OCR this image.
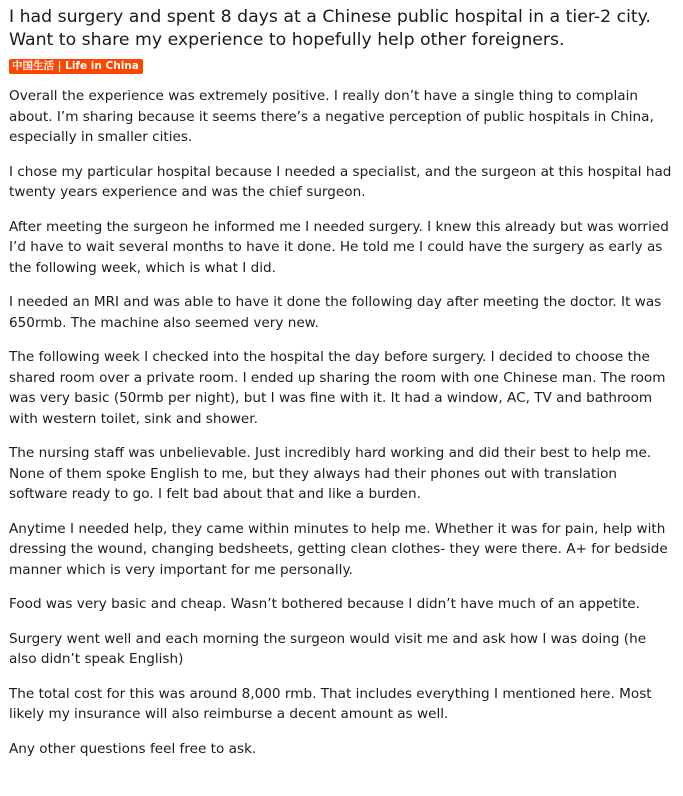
I had surgery and spent 8 days at a Chinese public hospital in a tier-2 city. Want to share my experience to hopefully help other foreigners.
中国生活 | Life in China

Overall the experience was extremely positive. I really don’t have a single thing to complain about. I’m sharing because it seems there’s a negative perception of public hospitals in China, especially in smaller cities.

I chose my particular hospital because I needed a specialist, and the surgeon at this hospital had twenty years experience and was the chief surgeon.

After meeting the surgeon he informed me I needed surgery. I knew this already but was worried I’d have to wait several months to have it done. He told me I could have the surgery as early as the following week, which is what I did.

I needed an MRI and was able to have it done the following day after meeting the doctor. It was 650rmb. The machine also seemed very new.

The following week I checked into the hospital the day before surgery. I decided to choose the shared room over a private room. I ended up sharing the room with one Chinese man. The room was very basic (50rmb per night), but I was fine with it. It had a window, AC, TV and bathroom with western toilet, sink and shower.

The nursing staff was unbelievable. Just incredibly hard working and did their best to help me. None of them spoke English to me, but they always had their phones out with translation software ready to go. I felt bad about that and like a burden.

Anytime I needed help, they came within minutes to help me. Whether it was for pain, help with dressing the wound, changing bedsheets, getting clean clothes- they were there. A+ for bedside manner which is very important for me personally.

Food was very basic and cheap. Wasn’t bothered because I didn’t have much of an appetite.

Surgery went well and each morning the surgeon would visit me and ask how I was doing (he also didn’t speak English)

The total cost for this was around 8,000 rmb. That includes everything I mentioned here. Most likely my insurance will also reimburse a decent amount as well.

Any other questions feel free to ask.
